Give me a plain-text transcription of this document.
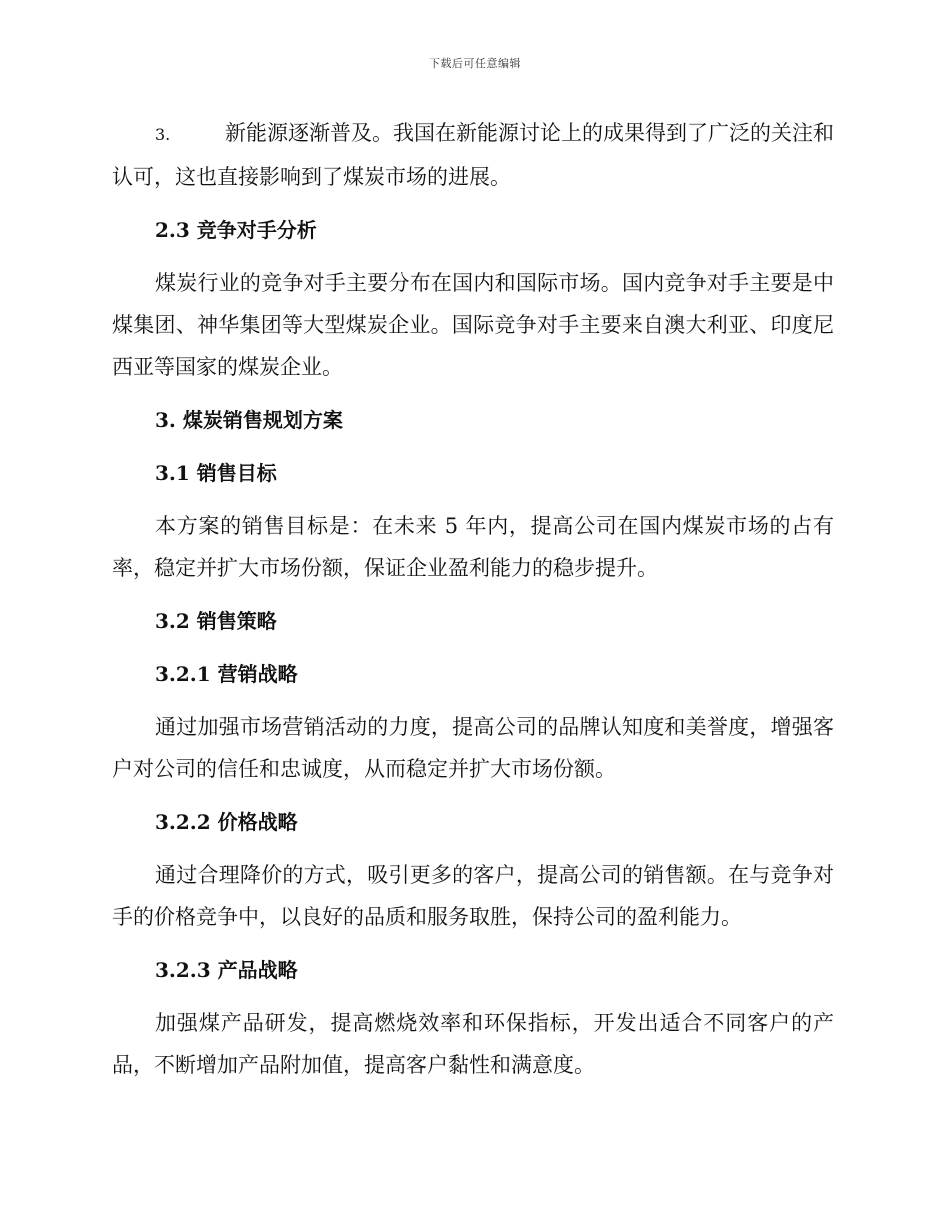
下载后可任意编辑
3.	新能源逐渐普及。我国在新能源讨论上的成果得到了广泛的关注和认可，这也直接影响到了煤炭市场的进展。
2.3 竞争对手分析

煤炭行业的竞争对手主要分布在国内和国际市场。国内竞争对手主要是中煤集团、神华集团等大型煤炭企业。国际竞争对手主要来自澳大利亚、印度尼西亚等国家的煤炭企业。

3. 煤炭销售规划方案
3.1 销售目标

本方案的销售目标是：在未来 5 年内，提高公司在国内煤炭市场的占有率，稳定并扩大市场份额，保证企业盈利能力的稳步提升。

3.2 销售策略
3.2.1 营销战略

通过加强市场营销活动的力度，提高公司的品牌认知度和美誉度，增强客户对公司的信任和忠诚度，从而稳定并扩大市场份额。

3.2.2 价格战略

通过合理降价的方式，吸引更多的客户，提高公司的销售额。在与竞争对手的价格竞争中，以良好的品质和服务取胜，保持公司的盈利能力。

3.2.3 产品战略

加强煤产品研发，提高燃烧效率和环保指标，开发出适合不同客户的产品，不断增加产品附加值，提高客户黏性和满意度。
